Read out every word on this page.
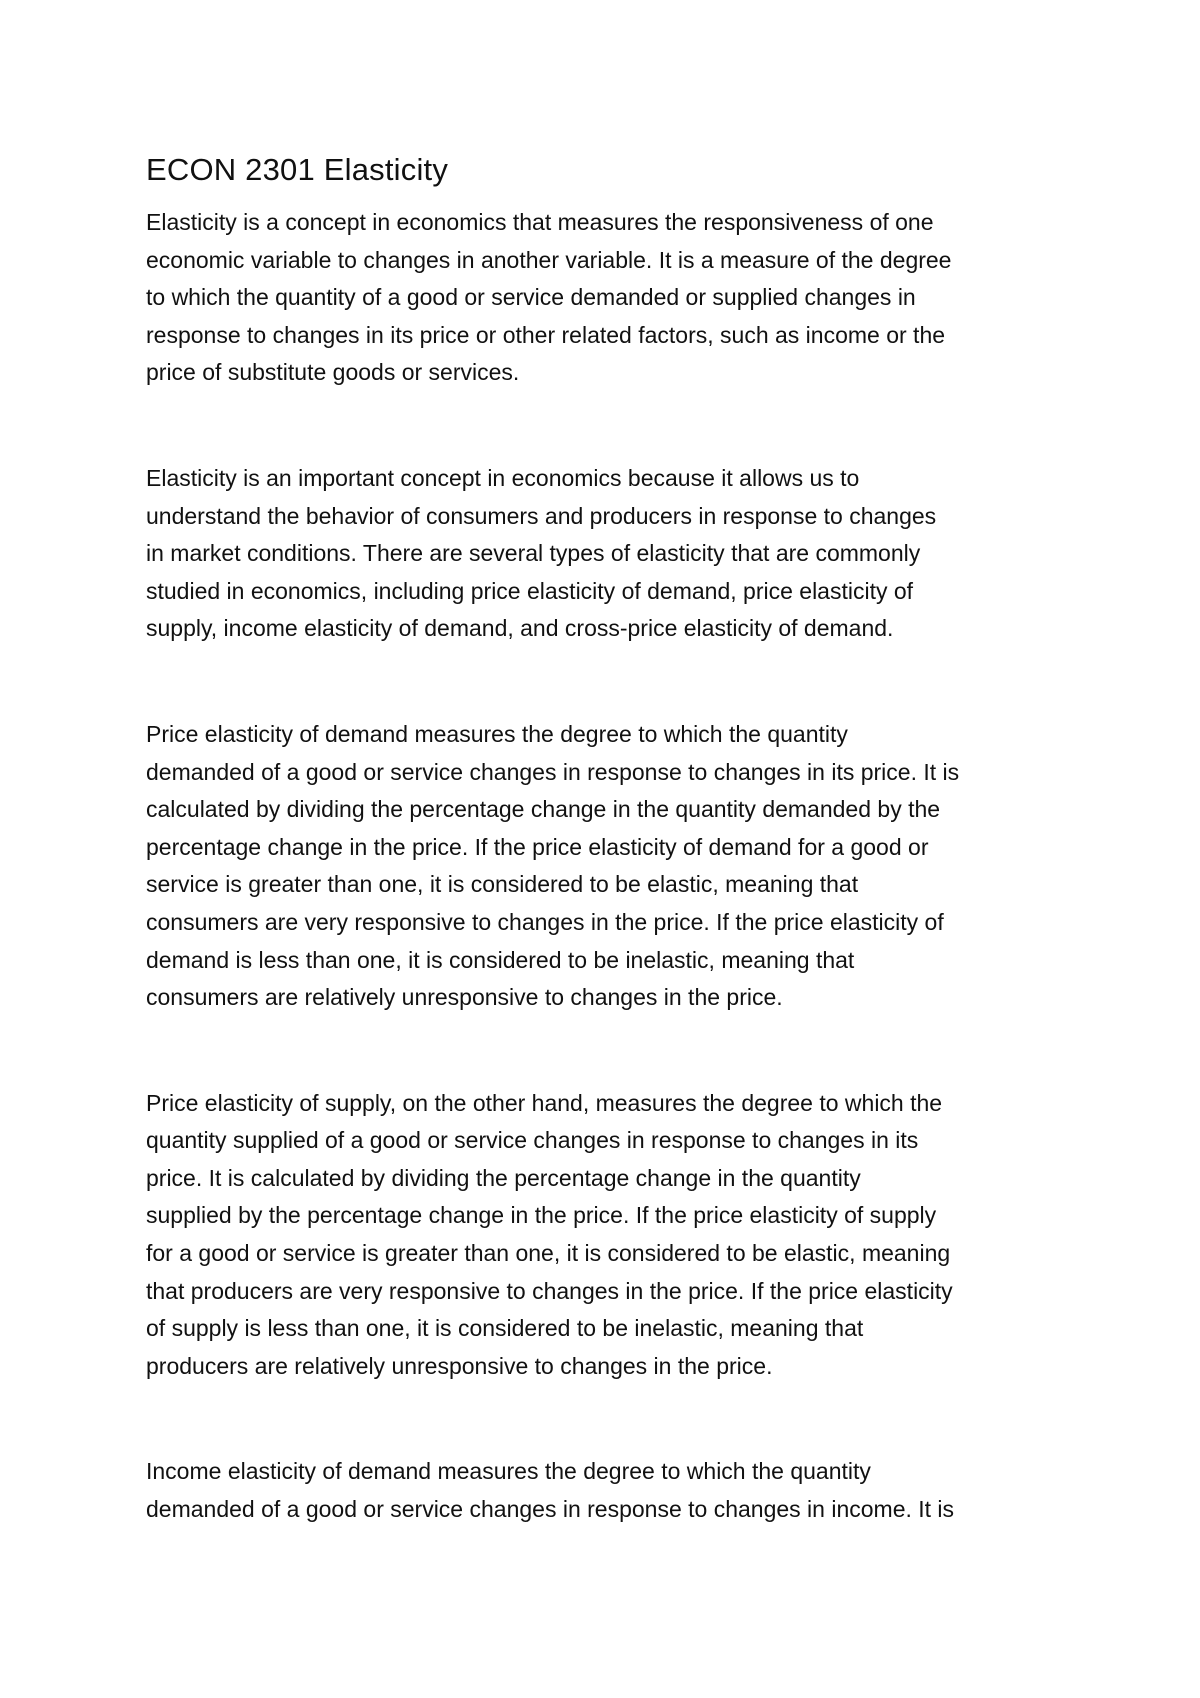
ECON 2301 Elasticity

Elasticity is a concept in economics that measures the responsiveness of one
economic variable to changes in another variable. It is a measure of the degree
to which the quantity of a good or service demanded or supplied changes in
response to changes in its price or other related factors, such as income or the
price of substitute goods or services.

Elasticity is an important concept in economics because it allows us to
understand the behavior of consumers and producers in response to changes
in market conditions. There are several types of elasticity that are commonly
studied in economics, including price elasticity of demand, price elasticity of
supply, income elasticity of demand, and cross-price elasticity of demand.

Price elasticity of demand measures the degree to which the quantity
demanded of a good or service changes in response to changes in its price. It is
calculated by dividing the percentage change in the quantity demanded by the
percentage change in the price. If the price elasticity of demand for a good or
service is greater than one, it is considered to be elastic, meaning that
consumers are very responsive to changes in the price. If the price elasticity of
demand is less than one, it is considered to be inelastic, meaning that
consumers are relatively unresponsive to changes in the price.

Price elasticity of supply, on the other hand, measures the degree to which the
quantity supplied of a good or service changes in response to changes in its
price. It is calculated by dividing the percentage change in the quantity
supplied by the percentage change in the price. If the price elasticity of supply
for a good or service is greater than one, it is considered to be elastic, meaning
that producers are very responsive to changes in the price. If the price elasticity
of supply is less than one, it is considered to be inelastic, meaning that
producers are relatively unresponsive to changes in the price.

Income elasticity of demand measures the degree to which the quantity
demanded of a good or service changes in response to changes in income. It is
